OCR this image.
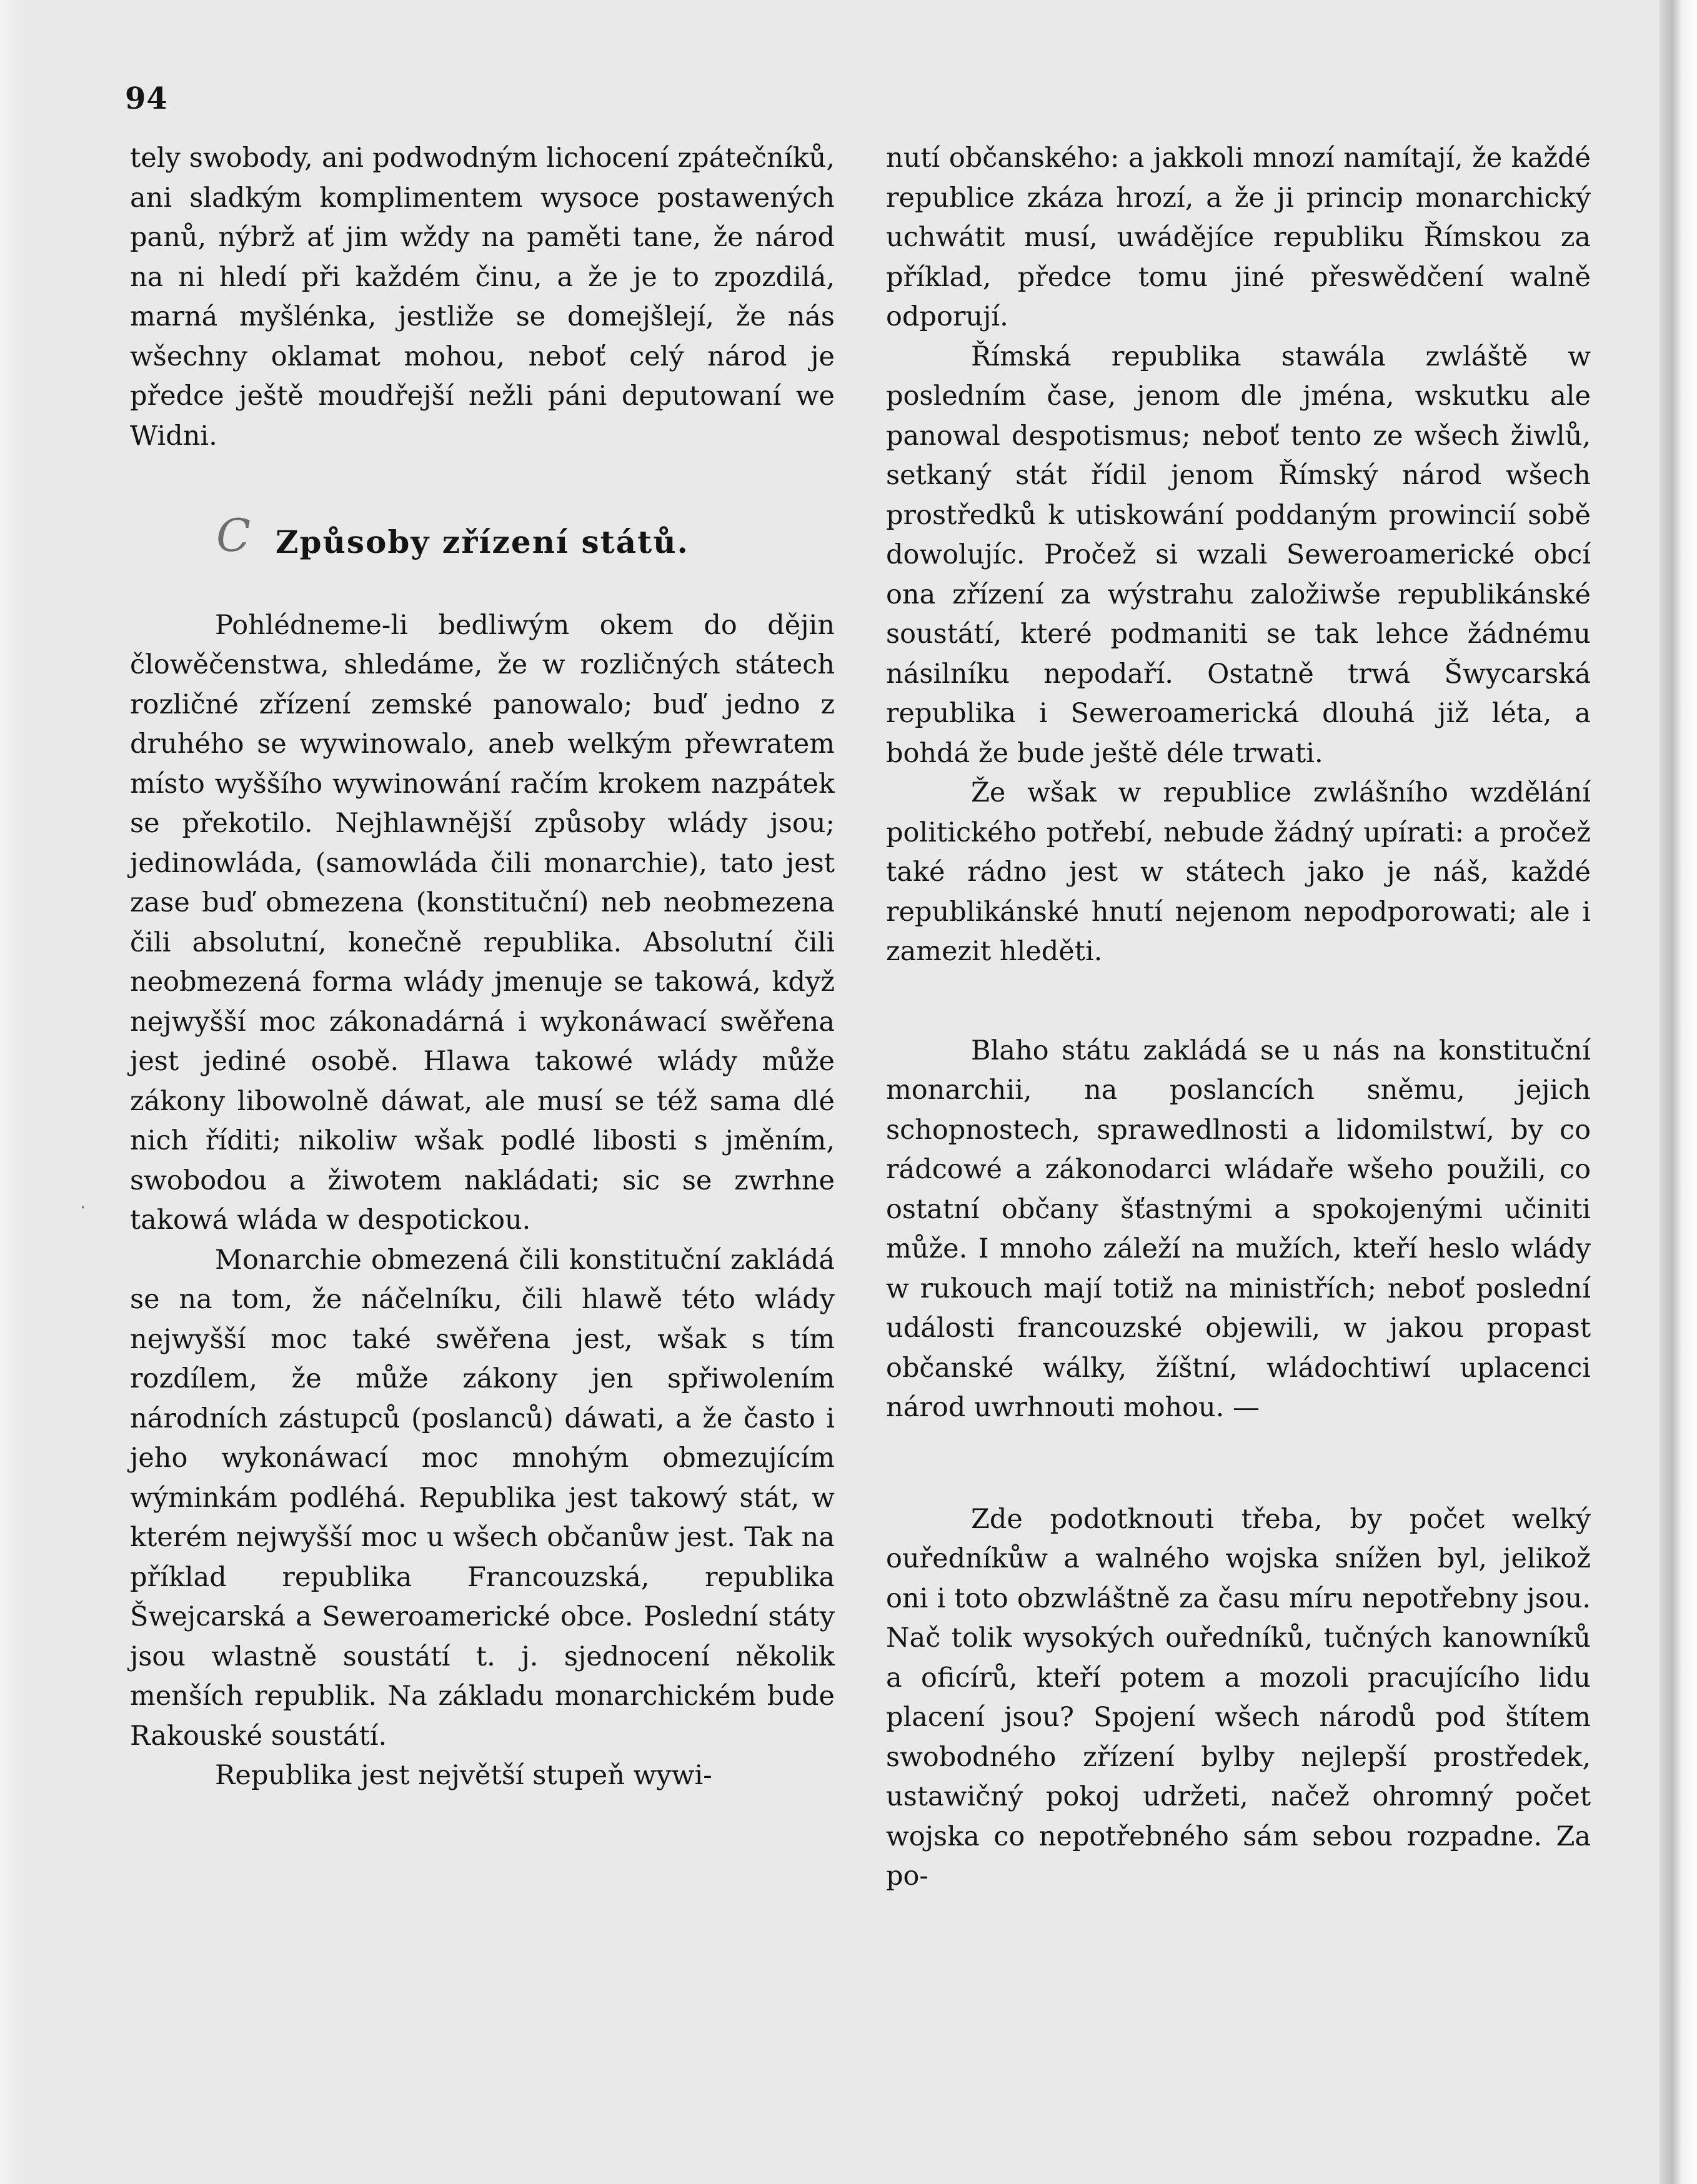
94

tely swobody, ani podwodným lichocení zpátečníků, ani sladkým komplimentem wysoce postawených panů, nýbrž ať jim wždy na paměti tane, že národ na ni hledí při každém činu, a že je to zpozdilá, marná myšlénka, jestliže se domejšlejí, že nás wšechny oklamat mohou, neboť celý národ je předce ještě moudřejší nežli páni deputowaní we Widni.

C Způsoby zřízení států.

Pohlédneme-li bedliwým okem do dějin člowěčenstwa, shledáme, že w rozličných státech rozličné zřízení zemské panowalo; buď jedno z druhého se wywinowalo, aneb welkým přewratem místo wyššího wywinowání račím krokem nazpátek se překotilo. Nejhlawnější způsoby wlády jsou; jedinowláda, (samowláda čili monarchie), tato jest zase buď obmezena (konstituční) neb neobmezena čili absolutní, konečně republika. Absolutní čili neobmezená forma wlády jmenuje se takowá, když nejwyšší moc zákonadárná i wykonáwací swěřena jest jediné osobě. Hlawa takowé wlády může zákony libowolně dáwat, ale musí se též sama dlé nich říditi; nikoliw wšak podlé libosti s jměním, swobodou a žiwotem nakládati; sic se zwrhne takowá wláda w despotickou.

Monarchie obmezená čili konstituční zakládá se na tom, že náčelníku, čili hlawě této wlády nejwyšší moc také swěřena jest, wšak s tím rozdílem, že může zákony jen spřiwolením národních zástupců (poslanců) dáwati, a že často i jeho wykonáwací moc mnohým obmezujícím wýminkám podléhá. Republika jest takowý stát, w kterém nejwyšší moc u wšech občanůw jest. Tak na příklad republika Francouzská, republika Šwejcarská a Seweroamerické obce. Poslední státy jsou wlastně soustátí t. j. sjednocení několik menších republik. Na základu monarchickém bude Rakouské soustátí.

Republika jest největší stupeň wywi-

·

nutí občanského: a jakkoli mnozí namítají, že každé republice zkáza hrozí, a že ji princip monarchický uchwátit musí, uwádějíce republiku Římskou za příklad, předce tomu jiné přeswědčení walně odporují.

Římská republika stawála zwláště w posledním čase, jenom dle jména, wskutku ale panowal despotismus; neboť tento ze wšech žiwlů, setkaný stát řídil jenom Římský národ wšech prostředků k utiskowání poddaným prowincií sobě dowolujíc. Pročež si wzali Seweroamerické obcí ona zřízení za wýstrahu založiwše republikánské soustátí, které podmaniti se tak lehce žádnému násilníku nepodaří. Ostatně trwá Šwycarská republika i Seweroamerická dlouhá již léta, a bohdá že bude ještě déle trwati.

Že wšak w republice zwlášního wzdělání politického potřebí, nebude žádný upírati: a pročež také rádno jest w státech jako je náš, každé republikánské hnutí nejenom nepodporowati; ale i zamezit hleděti.

Blaho státu zakládá se u nás na konstituční monarchii, na poslancích sněmu, jejich schopnostech, sprawedlnosti a lidomilstwí, by co rádcowé a zákonodarci wládaře wšeho použili, co ostatní občany šťastnými a spokojenými učiniti může. I mnoho záleží na mužích, kteří heslo wlády w rukouch mají totiž na ministřích; neboť poslední události francouzské objewili, w jakou propast občanské wálky, žíštní, wládochtiwí uplacenci národ uwrhnouti mohou. —

Zde podotknouti třeba, by počet welký ouředníkůw a walného wojska snížen byl, jelikož oni i toto obzwláštně za času míru nepotřebny jsou. Nač tolik wysokých ouředníků, tučných kanowníků a oficírů, kteří potem a mozoli pracujícího lidu placení jsou? Spojení wšech národů pod štítem swobodného zřízení bylby nejlepší prostředek, ustawičný pokoj udržeti, načež ohromný počet wojska co nepotřebného sám sebou rozpadne. Za po-
